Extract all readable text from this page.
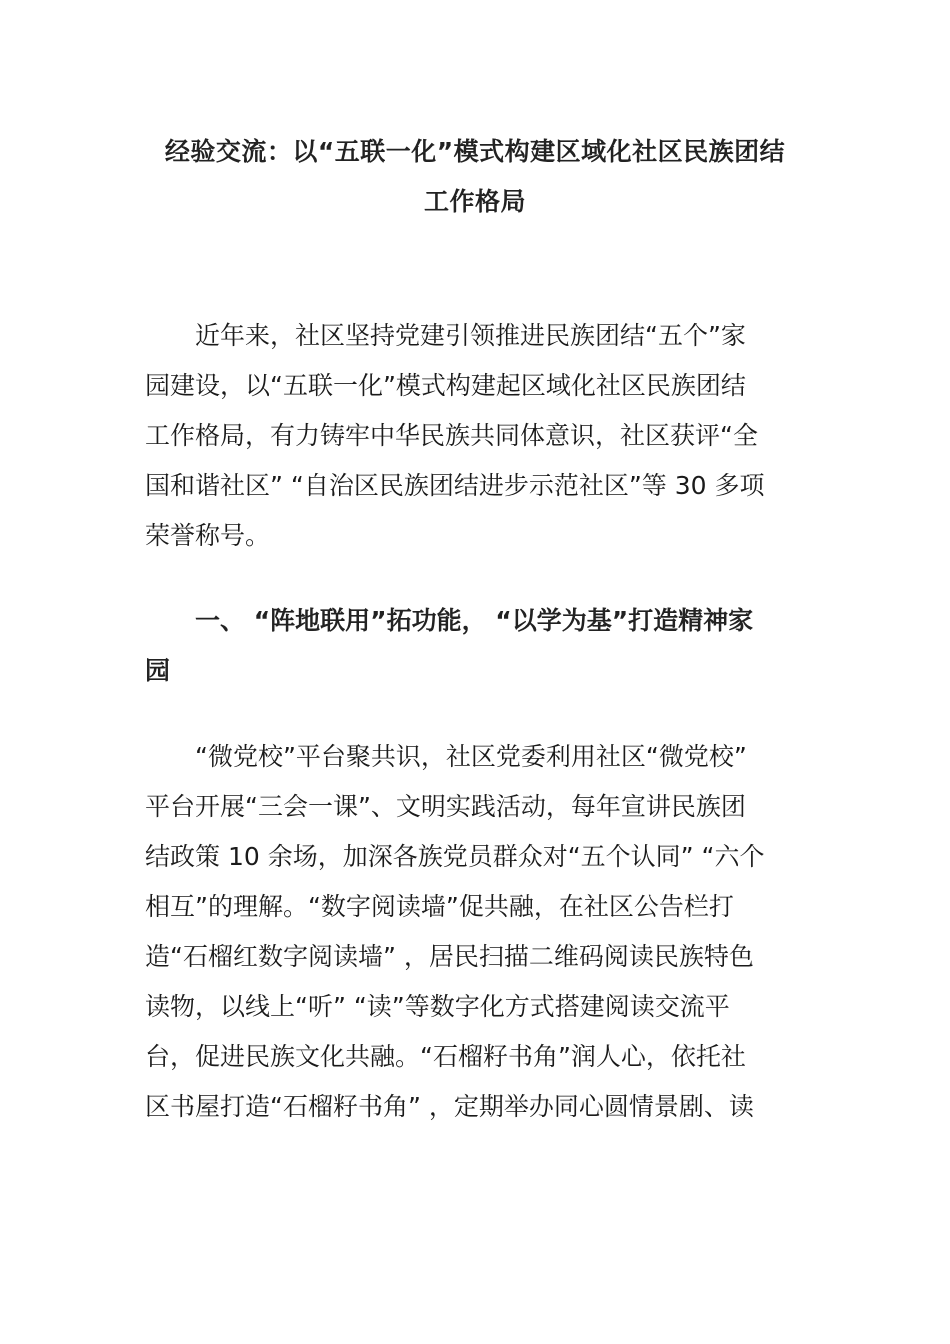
经验交流：以“五联一化”模式构建区域化社区民族团结
工作格局
近年来，社区坚持党建引领推进民族团结“五个”家
园建设，以“五联一化”模式构建起区域化社区民族团结
工作格局，有力铸牢中华民族共同体意识，社区获评“全
国和谐社区” “自治区民族团结进步示范社区”等 30 多项
荣誉称号。
一、 “阵地联用”拓功能， “以学为基”打造精神家
园
“微党校”平台聚共识，社区党委利用社区“微党校”
平台开展“三会一课”、文明实践活动，每年宣讲民族团
结政策 10 余场，加深各族党员群众对“五个认同” “六个
相互”的理解。“数字阅读墙”促共融，在社区公告栏打
造“石榴红数字阅读墙” ，居民扫描二维码阅读民族特色
读物，以线上“听” “读”等数字化方式搭建阅读交流平
台，促进民族文化共融。“石榴籽书角”润人心，依托社
区书屋打造“石榴籽书角” ，定期举办同心圆情景剧、读
